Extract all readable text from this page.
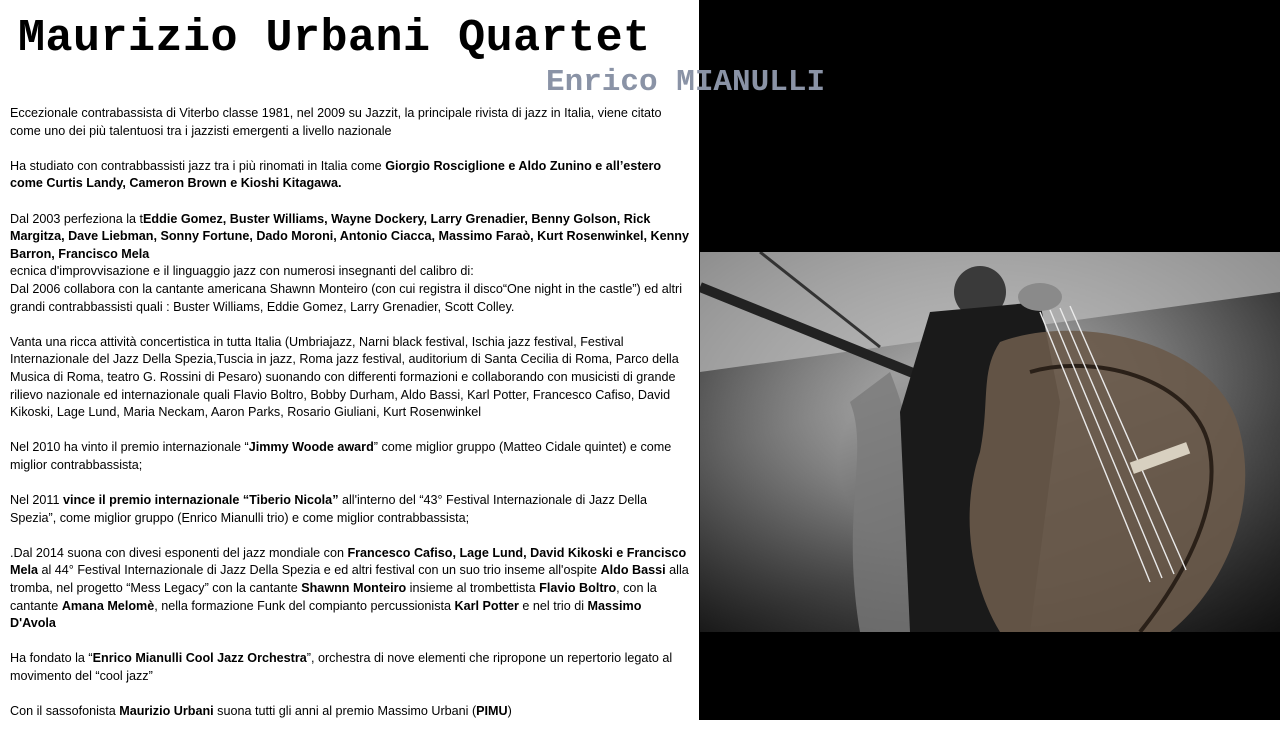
Maurizio Urbani Quartet
Enrico MIANULLI

Eccezionale contrabassista di Viterbo classe 1981, nel 2009 su Jazzit, la principale rivista di jazz in Italia, viene citato come uno dei più talentuosi tra i jazzisti emergenti a livello nazionale

Ha studiato con contrabbassisti jazz tra i più rinomati in Italia come Giorgio Rosciglione e Aldo Zunino e all’estero come Curtis Landy, Cameron Brown e Kioshi Kitagawa.

Dal 2003 perfeziona la tEddie Gomez, Buster Williams, Wayne Dockery, Larry Grenadier, Benny Golson, Rick Margitza, Dave Liebman, Sonny Fortune, Dado Moroni, Antonio Ciacca, Massimo Faraò, Kurt Rosenwinkel, Kenny Barron, Francisco Mela
ecnica d'improvvisazione e il linguaggio jazz con numerosi insegnanti del calibro di:
Dal 2006 collabora con la cantante americana Shawnn Monteiro (con cui registra il disco“One night in the castle”) ed altri grandi contrabbassisti quali : Buster Williams, Eddie Gomez, Larry Grenadier, Scott Colley.

Vanta una ricca attività concertistica in tutta Italia (Umbriajazz, Narni black festival, Ischia jazz festival, Festival Internazionale del Jazz Della Spezia,Tuscia in jazz, Roma jazz festival, auditorium di Santa Cecilia di Roma, Parco della Musica di Roma, teatro G. Rossini di Pesaro) suonando con differenti formazioni e collaborando con musicisti di grande rilievo nazionale ed internazionale quali Flavio Boltro, Bobby Durham, Aldo Bassi, Karl Potter, Francesco Cafiso, David Kikoski, Lage Lund, Maria Neckam, Aaron Parks, Rosario Giuliani, Kurt Rosenwinkel

Nel 2010 ha vinto il premio internazionale “Jimmy Woode award” come miglior gruppo (Matteo Cidale quintet) e come miglior contrabbassista;

Nel 2011 vince il premio internazionale “Tiberio Nicola” all'interno del “43° Festival Internazionale di Jazz Della Spezia”, come miglior gruppo (Enrico Mianulli trio) e come miglior contrabbassista;

.Dal 2014 suona con divesi esponenti del jazz mondiale con Francesco Cafiso, Lage Lund, David Kikoski e Francisco Mela al 44° Festival Internazionale di Jazz Della Spezia e ed altri festival con un suo trio inseme all'ospite Aldo Bassi alla tromba, nel progetto “Mess Legacy” con la cantante Shawnn Monteiro insieme al trombettista Flavio Boltro, con la cantante Amana Melomè, nella formazione Funk del compianto percussionista Karl Potter e nel trio di Massimo D'Avola

Ha fondato la “Enrico Mianulli Cool Jazz Orchestra”, orchestra di nove elementi che ripropone un repertorio legato al movimento del “cool jazz”

Con il sassofonista Maurizio Urbani suona tutti gli anni al premio Massimo Urbani (PIMU)
